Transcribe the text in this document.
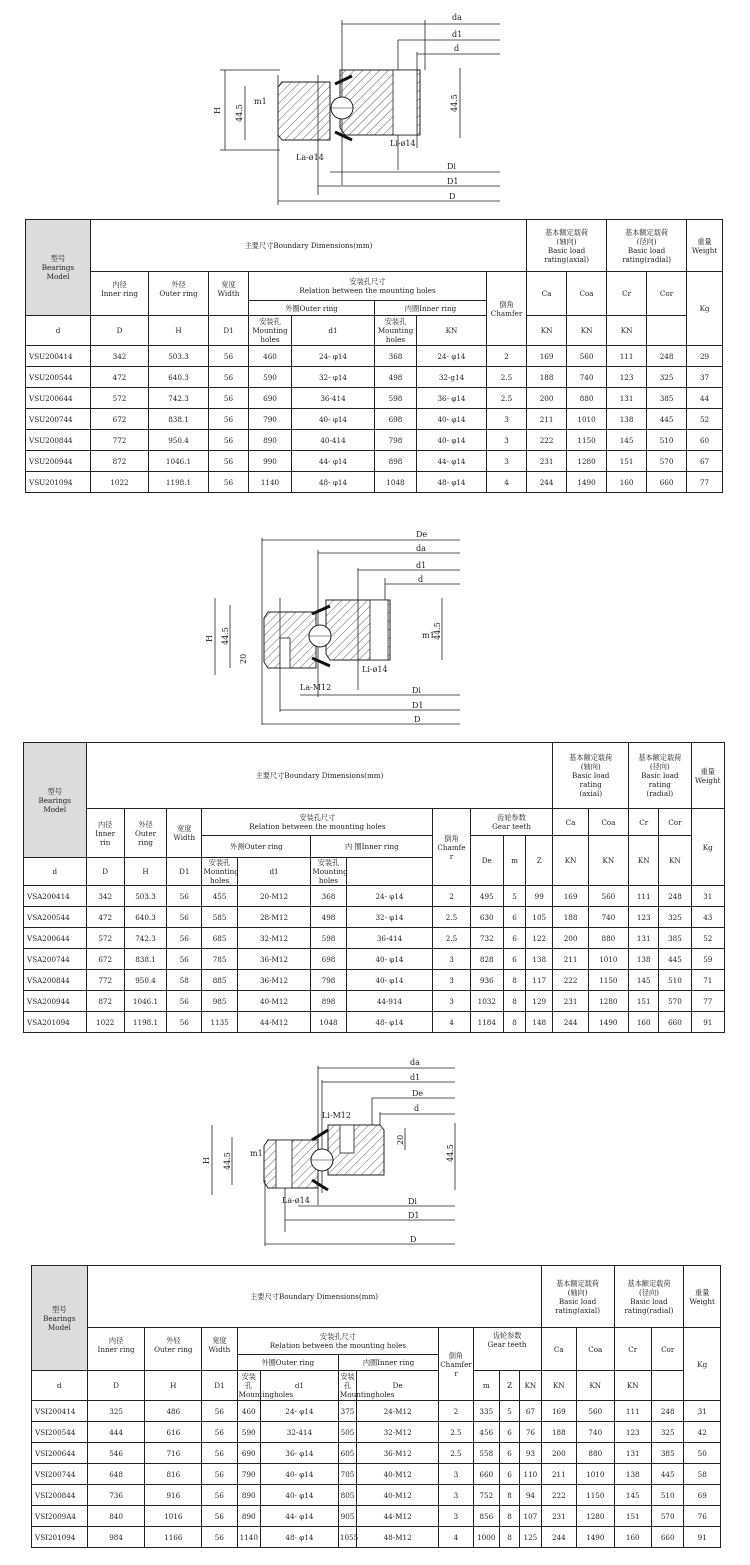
da
d1
d
Di
D1
D
H 44.5
44.5
m1
La-ø14
Li-ø14
型号
Bearings
Model	主要尺寸Boundary Dimensions(mm)								基本额定载荷
(轴向)
Basic load
rating(axial)		基本额定载荷
(径向)
Basic load
rating(radial)		重量
Weight
	内径
Inner ring	外径
Outer ring	宽度
Width	安装孔尺寸
Relation between the mounting holes				倒角
Chamfer	Ca	Coa	Cr	Cor	Kg
				外圈Outer ring		内圈Inner ring							
d	D	H	D1	安装孔
Mounting holes	d1	安装孔
Mounting holes	KN		KN	KN	KN		
VSU200414	342	503.3	56	460	24- φ14	368	24- φ14	2	169	560	111	248	29
VSU200544	472	640.3	56	590	32- φ14	498	32-g14	2.5	188	740	123	325	37
VSU200644	572	742.3	56	690	36-414	598	36- φ14	2.5	200	880	131	385	44
VSU200744	672	838.1	56	790	40- φ14	698	40- φ14	3	211	1010	138	445	52
VSU200844	772	950.4	56	890	40-414	798	40- φ14	3	222	1150	145	510	60
VSU200944	872	1046.1	56	990	44- φ14	898	44- φ14	3	231	1280	151	570	67
VSU201094	1022	1198.1	56	1140	48- φ14	1048	48- φ14	4	244	1490	160	660	77
De
da
d1
d
Di
D1
D
H 44.5
20
44.5
m1
La-M12
Li-ø14
型号
Bearings
Model	主要尺寸Boundary Dimensions(mm)											基本额定载荷
(轴向)
Basic load
rating
(axial)		基本额定载荷
(径向)
Basic load
rating
(radial)		重量
Weight
	内径
Inner
rin	外径
Outer
ring	宽度
Width	安装孔尺寸
Relation between the mounting holes				倒角
Chamfe
r	齿轮参数
Gear teeth			Ca	Coa	Cr	Cor	Kg
				外测Outer ring		内 圈Inner ring			De	m	Z	KN	KN	KN	KN	
d	D	H	D1	安装孔
Mounting holes	d1	安装孔
Mounting holes										
VSA200414	342	503.3	56	455	20-M12	368	24- φ14	2	495	5	99	169	560	111	248	31
VSA200544	472	640.3	56	585	28-M12	498	32- φ14	2.5	630	6	105	188	740	123	325	43
VSA200644	572	742.3	56	685	32-M12	598	36-414	2.5	732	6	122	200	880	131	385	52
VSA200744	672	838.1	56	785	36-M12	698	40- φ14	3	828	6	138	211	1010	138	445	59
VSA200844	772	950.4	58	885	36-M12	798	40- φ14	3	936	8	117	222	1150	145	510	71
VSA200944	872	1046.1	56	985	40-M12	898	44-914	3	1032	8	129	231	1280	151	570	77
VSA201094	1022	1198.1	56	1135	44-M12	1048	48- φ14	4	1184	8	148	244	1490	160	660	91
da
d1
De
d
Di
D1
D
H 44.5
20
44.5
m1
Li-M12
La-ø14
型号
Bearings
Model	主要尺寸Boundary Dimensions(mm)											基本额定载荷
(轴向)
Basic load
rating(axial)		基本额定载荷
(径向)
Basic load
rating(radial)		重量
Weight
	内径
Inner ring	外轻
Outer ring	宽度
Width	安装孔尺寸
Relation between the mounting holes				倒角
Chamfer
r	齿轮参数
Gear teeth			Ca	Coa	Cr	Cor	Kg
				外圈Outer ring		内圈Inner ring										
d	D	H	D1	安装孔
Mountingholes	d1	安装孔
Mountingholes	De		m	Z	KN	KN	KN	KN		
VSI200414	325	486	56	460	24- φ14	375	24-M12	2	335	5	67	169	560	111	248	31
VSI200544	444	616	56	590	32-414	505	32-M12	2.5	456	6	76	188	740	123	325	42
VSI200644	546	716	56	690	36- φ14	605	36-M12	2.5	558	6	93	200	880	131	385	50
VSI200744	648	816	56	790	40- φ14	705	40-M12	3	660	6	110	211	1010	138	445	58
VSI200844	736	916	56	890	40- φ14	805	40-M12	3	752	8	94	222	1150	145	510	69
VSI2009A4	840	1016	56	890	44- φ14	905	44-M12	3	856	8	107	231	1280	151	570	76
VSI201094	984	1166	56	1140	48- φ14	1055	48-M12	4	1000	8	125	244	1490	160	660	91
